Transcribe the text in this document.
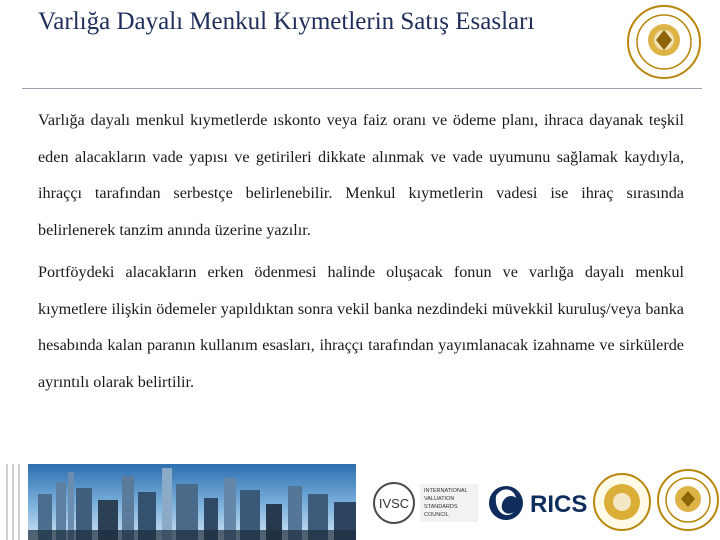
Varlığa Dayalı Menkul Kıymetlerin Satış Esasları

Varlığa dayalı menkul kıymetlerde ıskonto veya faiz oranı ve ödeme planı, ihraca dayanak teşkil eden alacakların vade yapısı ve getirileri dikkate alınmak ve vade uyumunu sağlamak kaydıyla, ihraççı tarafından serbestçe belirlenebilir. Menkul kıymetlerin vadesi ise ihraç sırasında belirlenerek tanzim anında üzerine yazılır.

Portföydeki alacakların erken ödenmesi halinde oluşacak fonun ve varlığa dayalı menkul kıymetlere ilişkin ödemeler yapıldıktan sonra vekil banka nezdindeki müvekkil kuruluş/veya banka hesabında kalan paranın kullanım esasları, ihraççı tarafından yayımlanacak izahname ve sirkülerde ayrıntılı olarak belirtilir.

IVSC
INTERNATIONAL
VALUATION
STANDARDS
COUNCIL	RICS
